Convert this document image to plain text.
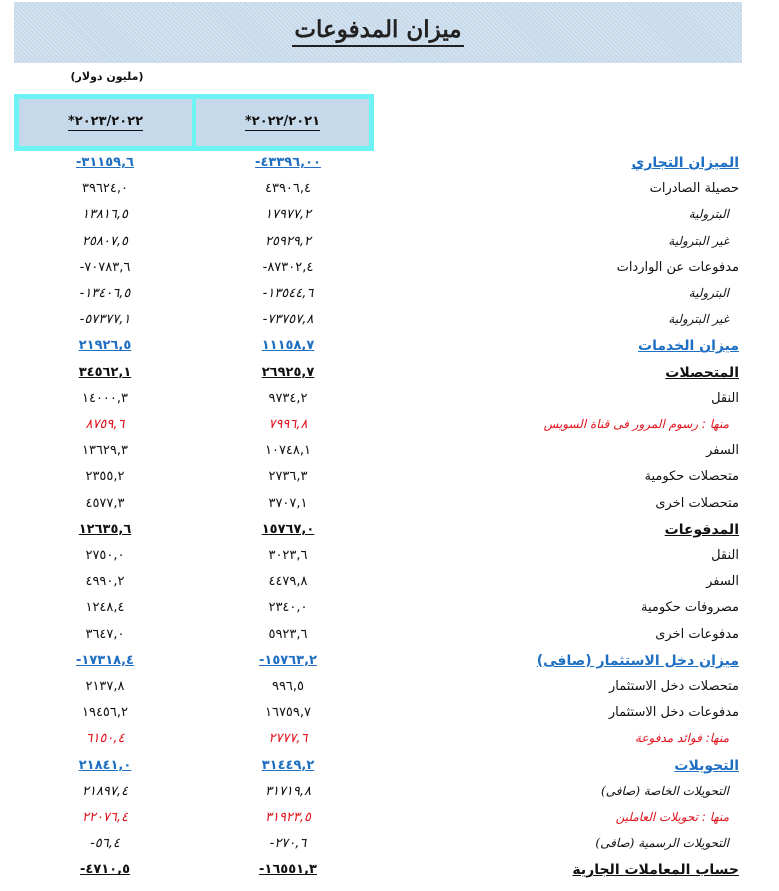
ميزان المدفوعات
(مليون دولار)
*٢٠٢٣/٢٠٢٢	*٢٠٢٢/٢٠٢١
-٣١١٥٩,٦	-٤٣٣٩٦,٠٠	الميزان التجاري
٣٩٦٢٤,٠	٤٣٩٠٦,٤	حصيلة الصادرات
١٣٨١٦,٥	١٧٩٧٧,٢	البترولية
٢٥٨٠٧,٥	٢٥٩٢٩,٢	غير البترولية
-٧٠٧٨٣,٦	-٨٧٣٠٢,٤	مدفوعات عن الواردات
-١٣٤٠٦,٥	-١٣٥٤٤,٦	البترولية
-٥٧٣٧٧,١	-٧٣٧٥٧,٨	غير البترولية
٢١٩٢٦,٥	١١١٥٨,٧	ميزان الخدمات
٣٤٥٦٢,١	٢٦٩٢٥,٧	المتحصلات
١٤٠٠٠,٣	٩٧٣٤,٢	النقل
٨٧٥٩,٦	٧٩٩٦,٨	منها : رسوم المرور فى قناة السويس
١٣٦٢٩,٣	١٠٧٤٨,١	السفر
٢٣٥٥,٢	٢٧٣٦,٣	متحصلات حكومية
٤٥٧٧,٣	٣٧٠٧,١	متحصلات اخرى
١٢٦٣٥,٦	١٥٧٦٧,٠	المدفوعات
٢٧٥٠,٠	٣٠٢٣,٦	النقل
٤٩٩٠,٢	٤٤٧٩,٨	السفر
١٢٤٨,٤	٢٣٤٠,٠	مصروفات حكومية
٣٦٤٧,٠	٥٩٢٣,٦	مدفوعات اخرى
-١٧٣١٨,٤	-١٥٧٦٣,٢	ميزان دخل الاستثمار (صافى)
٢١٣٧,٨	٩٩٦,٥	متحصلات دخل الاستثمار
١٩٤٥٦,٢	١٦٧٥٩,٧	مدفوعات دخل الاستثمار
٦١٥٠,٤	٢٧٧٧,٦	منها: فوائد مدفوعة
٢١٨٤١,٠	٣١٤٤٩,٢	التحويلات
٢١٨٩٧,٤	٣١٧١٩,٨	التحويلات الخاصة (صافى)
٢٢٠٧٦,٤	٣١٩٢٣,٥	منها : تحويلات العاملين
-٥٦,٤	-٢٧٠,٦	التحويلات الرسمية (صافى)
-٤٧١٠,٥	-١٦٥٥١,٣	حساب المعاملات الجارية
